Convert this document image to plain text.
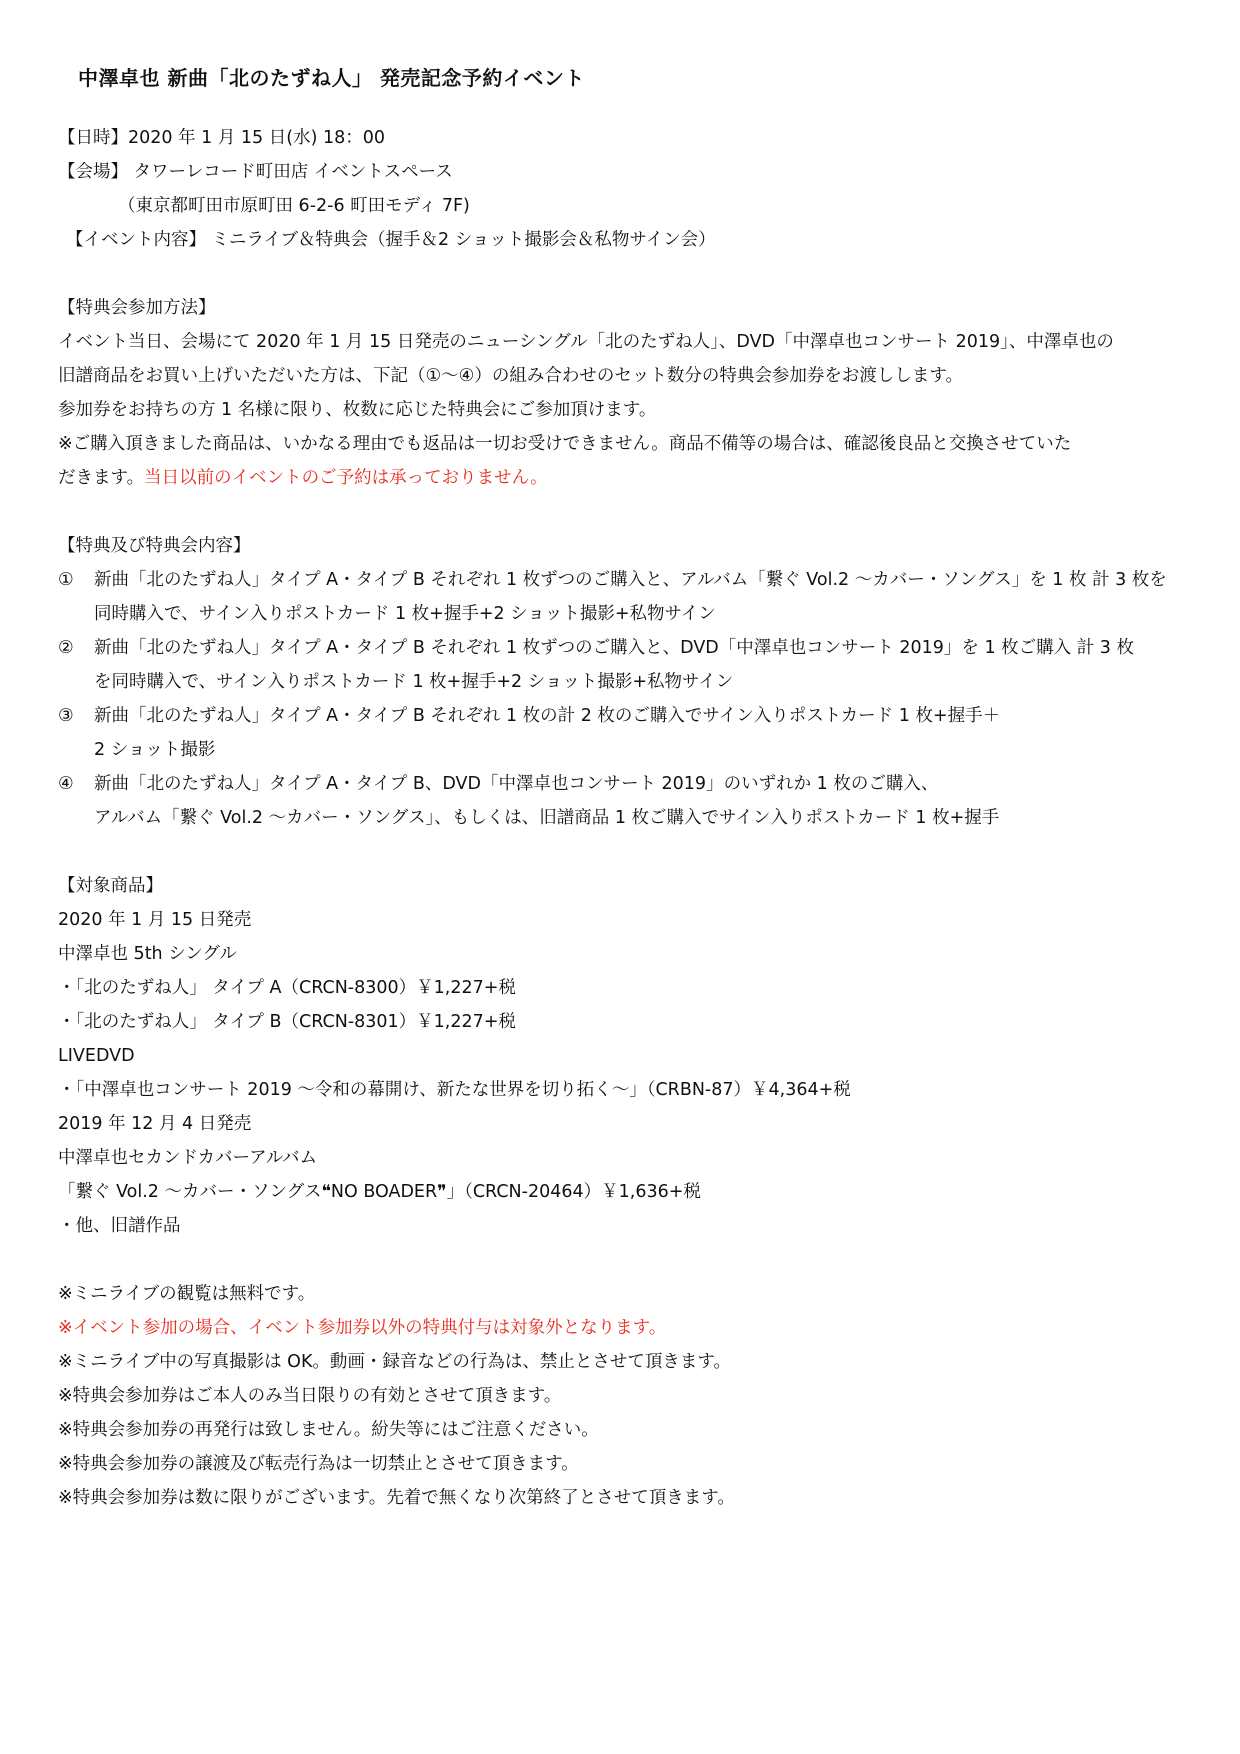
中澤卓也 新曲「北のたずね人」 発売記念予約イベント
【日時】2020 年 1 月 15 日(水) 18：00
【会場】 タワーレコード町田店 イベントスペース
（東京都町田市原町田 6-2-6 町田モディ 7F)
【イベント内容】 ミニライブ＆特典会（握手＆2 ショット撮影会＆私物サイン会）
【特典会参加方法】
イベント当日、会場にて 2020 年 1 月 15 日発売のニューシングル「北のたずね人」、DVD「中澤卓也コンサート 2019」、中澤卓也の
旧譜商品をお買い上げいただいた方は、下記（①～④）の組み合わせのセット数分の特典会参加券をお渡しします。
参加券をお持ちの方 1 名様に限り、枚数に応じた特典会にご参加頂けます。
※ご購入頂きました商品は、いかなる理由でも返品は一切お受けできません。商品不備等の場合は、確認後良品と交換させていた
だきます。当日以前のイベントのご予約は承っておりません。
【特典及び特典会内容】
① 新曲「北のたずね人」タイプ A・タイプ B それぞれ 1 枚ずつのご購入と、アルバム「繋ぐ Vol.2 ～カバー・ソングス」を 1 枚 計 3 枚を
同時購入で、サイン入りポストカード 1 枚+握手+2 ショット撮影+私物サイン
② 新曲「北のたずね人」タイプ A・タイプ B それぞれ 1 枚ずつのご購入と、DVD「中澤卓也コンサート 2019」を 1 枚ご購入 計 3 枚
を同時購入で、サイン入りポストカード 1 枚+握手+2 ショット撮影+私物サイン
③ 新曲「北のたずね人」タイプ A・タイプ B それぞれ 1 枚の計 2 枚のご購入でサイン入りポストカード 1 枚+握手＋
2 ショット撮影
④ 新曲「北のたずね人」タイプ A・タイプ B、DVD「中澤卓也コンサート 2019」のいずれか 1 枚のご購入、
アルバム「繋ぐ Vol.2 ～カバー・ソングス」、もしくは、旧譜商品 1 枚ご購入でサイン入りポストカード 1 枚+握手
【対象商品】
2020 年 1 月 15 日発売
中澤卓也 5th シングル
・「北のたずね人」 タイプ A（CRCN-8300）￥1,227+税
・「北のたずね人」 タイプ B（CRCN-8301）￥1,227+税
LIVEDVD
・「中澤卓也コンサート 2019 ～令和の幕開け、新たな世界を切り拓く～」（CRBN-87）￥4,364+税
2019 年 12 月 4 日発売
中澤卓也セカンドカバーアルバム
「繋ぐ Vol.2 ～カバー・ソングス❝NO BOADER❞」（CRCN-20464）￥1,636+税
・他、旧譜作品
※ミニライブの観覧は無料です。
※イベント参加の場合、イベント参加券以外の特典付与は対象外となります。
※ミニライブ中の写真撮影は OK。動画・録音などの行為は、禁止とさせて頂きます。
※特典会参加券はご本人のみ当日限りの有効とさせて頂きます。
※特典会参加券の再発行は致しません。紛失等にはご注意ください。
※特典会参加券の譲渡及び転売行為は一切禁止とさせて頂きます。
※特典会参加券は数に限りがございます。先着で無くなり次第終了とさせて頂きます。
